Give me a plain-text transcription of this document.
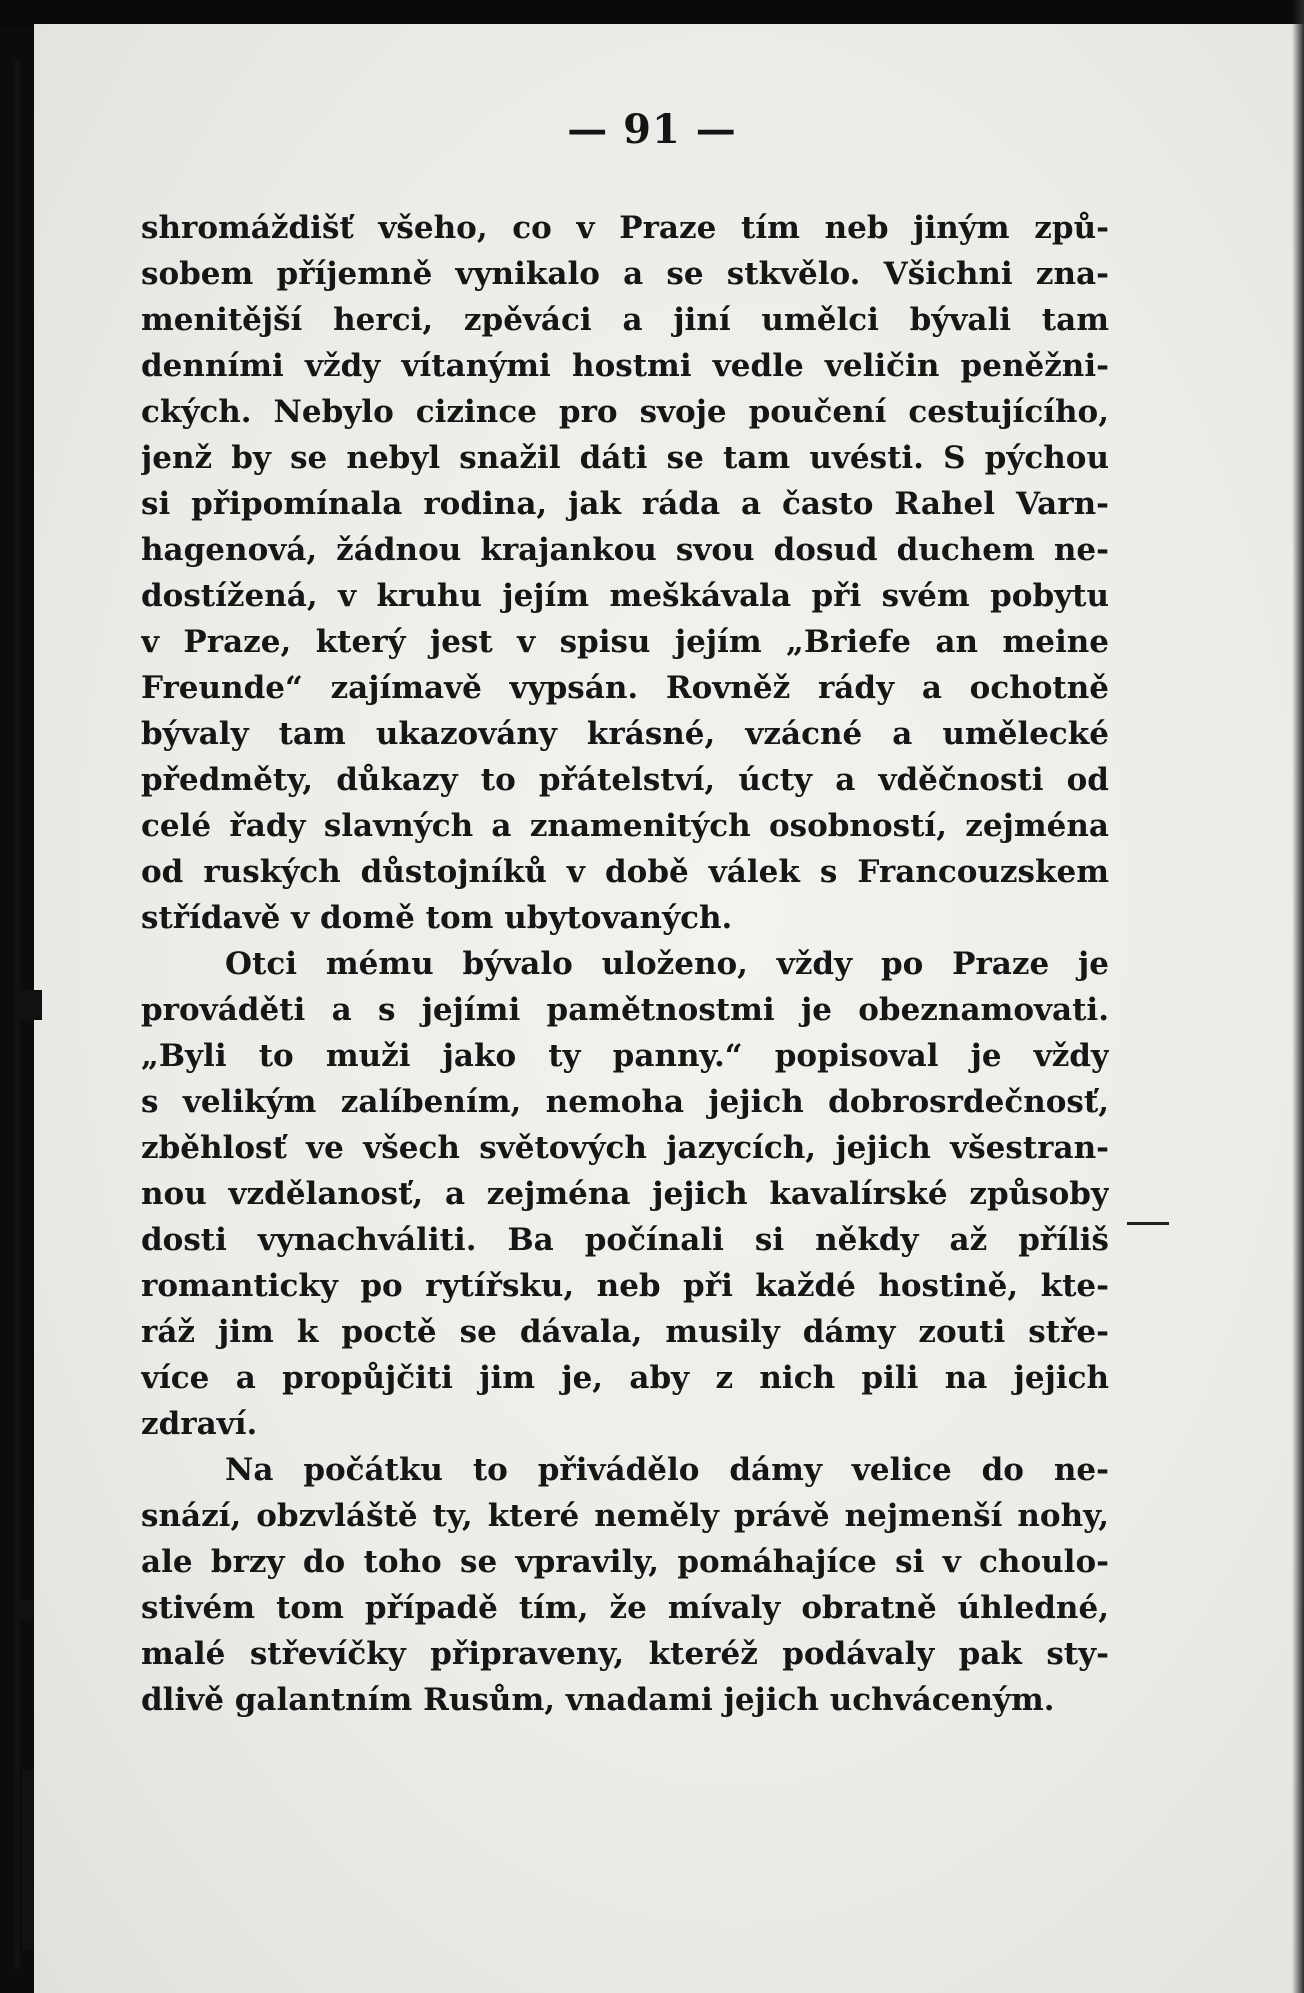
— 91 —
shromáždišť všeho, co v Praze tím neb jiným způ-
sobem příjemně vynikalo a se stkvělo. Všichni zna-
menitější herci, zpěváci a jiní umělci bývali tam
denními vždy vítanými hostmi vedle veličin peněžni-
ckých. Nebylo cizince pro svoje poučení cestujícího,
jenž by se nebyl snažil dáti se tam uvésti. S pýchou
si připomínala rodina, jak ráda a často Rahel Varn-
hagenová, žádnou krajankou svou dosud duchem ne-
dostížená, v kruhu jejím meškávala při svém pobytu
v Praze, který jest v spisu jejím „Briefe an meine
Freunde“ zajímavě vypsán. Rovněž rády a ochotně
bývaly tam ukazovány krásné, vzácné a umělecké
předměty, důkazy to přátelství, úcty a vděčnosti od
celé řady slavných a znamenitých osobností, zejména
od ruských důstojníků v době válek s Francouzskem
střídavě v domě tom ubytovaných.
Otci mému bývalo uloženo, vždy po Praze je
prováděti a s jejími pamětnostmi je obeznamovati.
„Byli to muži jako ty panny.“ popisoval je vždy
s velikým zalíbením, nemoha jejich dobrosrdečnosť,
zběhlosť ve všech světových jazycích, jejich všestran-
nou vzdělanosť, a zejména jejich kavalírské způsoby
dosti vynachváliti. Ba počínali si někdy až příliš
romanticky po rytířsku, neb při každé hostině, kte-
ráž jim k poctě se dávala, musily dámy zouti stře-
více a propůjčiti jim je, aby z nich pili na jejich
zdraví.
Na počátku to přivádělo dámy velice do ne-
snází, obzvláště ty, které neměly právě nejmenší nohy,
ale brzy do toho se vpravily, pomáhajíce si v choulo-
stivém tom případě tím, že mívaly obratně úhledné,
malé střevíčky připraveny, kteréž podávaly pak sty-
dlivě galantním Rusům, vnadami jejich uchváceným.
